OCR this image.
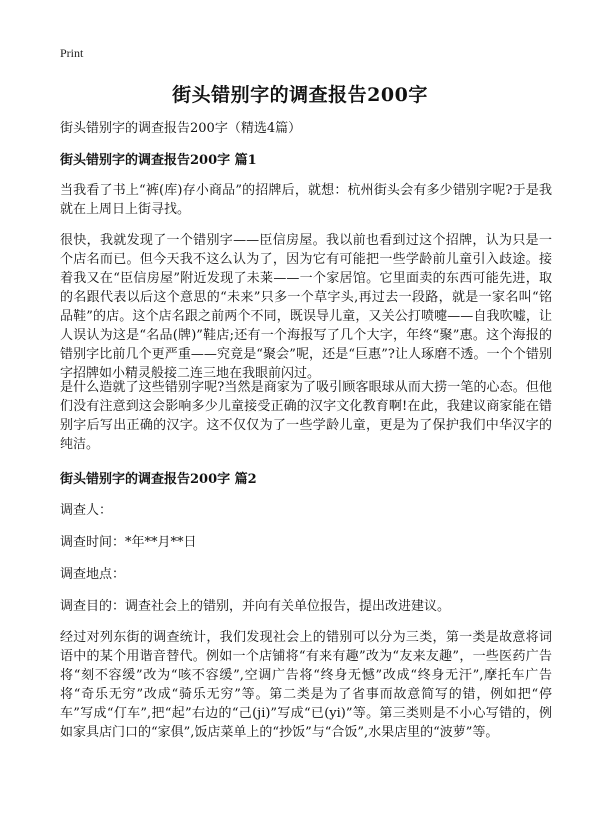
Print
街头错别字的调查报告200字
街头错别字的调查报告200字（精选4篇）
街头错别字的调查报告200字 篇1
当我看了书上“裤(库)存小商品”的招牌后，就想：杭州街头会有多少错别字呢?于是我就在上周日上街寻找。
很快，我就发现了一个错别字——臣信房屋。我以前也看到过这个招牌，认为只是一个店名而已。但今天我不这么认为了，因为它有可能把一些学龄前儿童引入歧途。接着我又在“臣信房屋”附近发现了未莱——一个家居馆。它里面卖的东西可能先进，取的名跟代表以后这个意思的“未来”只多一个草字头,再过去一段路，就是一家名叫“铭品鞋”的店。这个店名跟之前两个不同，既误导儿童，又关公打喷嚏——自我吹嘘，让人误认为这是“名品(牌)”鞋店;还有一个海报写了几个大字，年终“聚”惠。这个海报的错别字比前几个更严重——究竟是“聚会”呢，还是“巨惠”?让人琢磨不透。一个个错别字招牌如小精灵般接二连三地在我眼前闪过。
是什么造就了这些错别字呢?当然是商家为了吸引顾客眼球从而大捞一笔的心态。但他们没有注意到这会影响多少儿童接受正确的汉字文化教育啊!在此，我建议商家能在错别字后写出正确的汉字。这不仅仅为了一些学龄儿童，更是为了保护我们中华汉字的纯洁。
街头错别字的调查报告200字 篇2
调查人：
调查时间：*年**月**日
调查地点：
调查目的：调查社会上的错别，并向有关单位报告，提出改进建议。
经过对列东街的调查统计，我们发现社会上的错别可以分为三类，第一类是故意将词语中的某个用谐音替代。例如一个店铺将“有来有趣”改为“友来友趣”，一些医药广告将“刻不容缓”改为“咳不容缓”,空调广告将“终身无憾”改成“终身无汗”,摩托车广告将“奇乐无穷”改成“骑乐无穷”等。第二类是为了省事而故意简写的错，例如把“停车”写成“仃车”,把“起”右边的“己(ji)”写成“已(yi)”等。第三类则是不小心写错的，例如家具店门口的“家俱”,饭店菜单上的“抄饭”与“合饭”,水果店里的“波萝”等。
